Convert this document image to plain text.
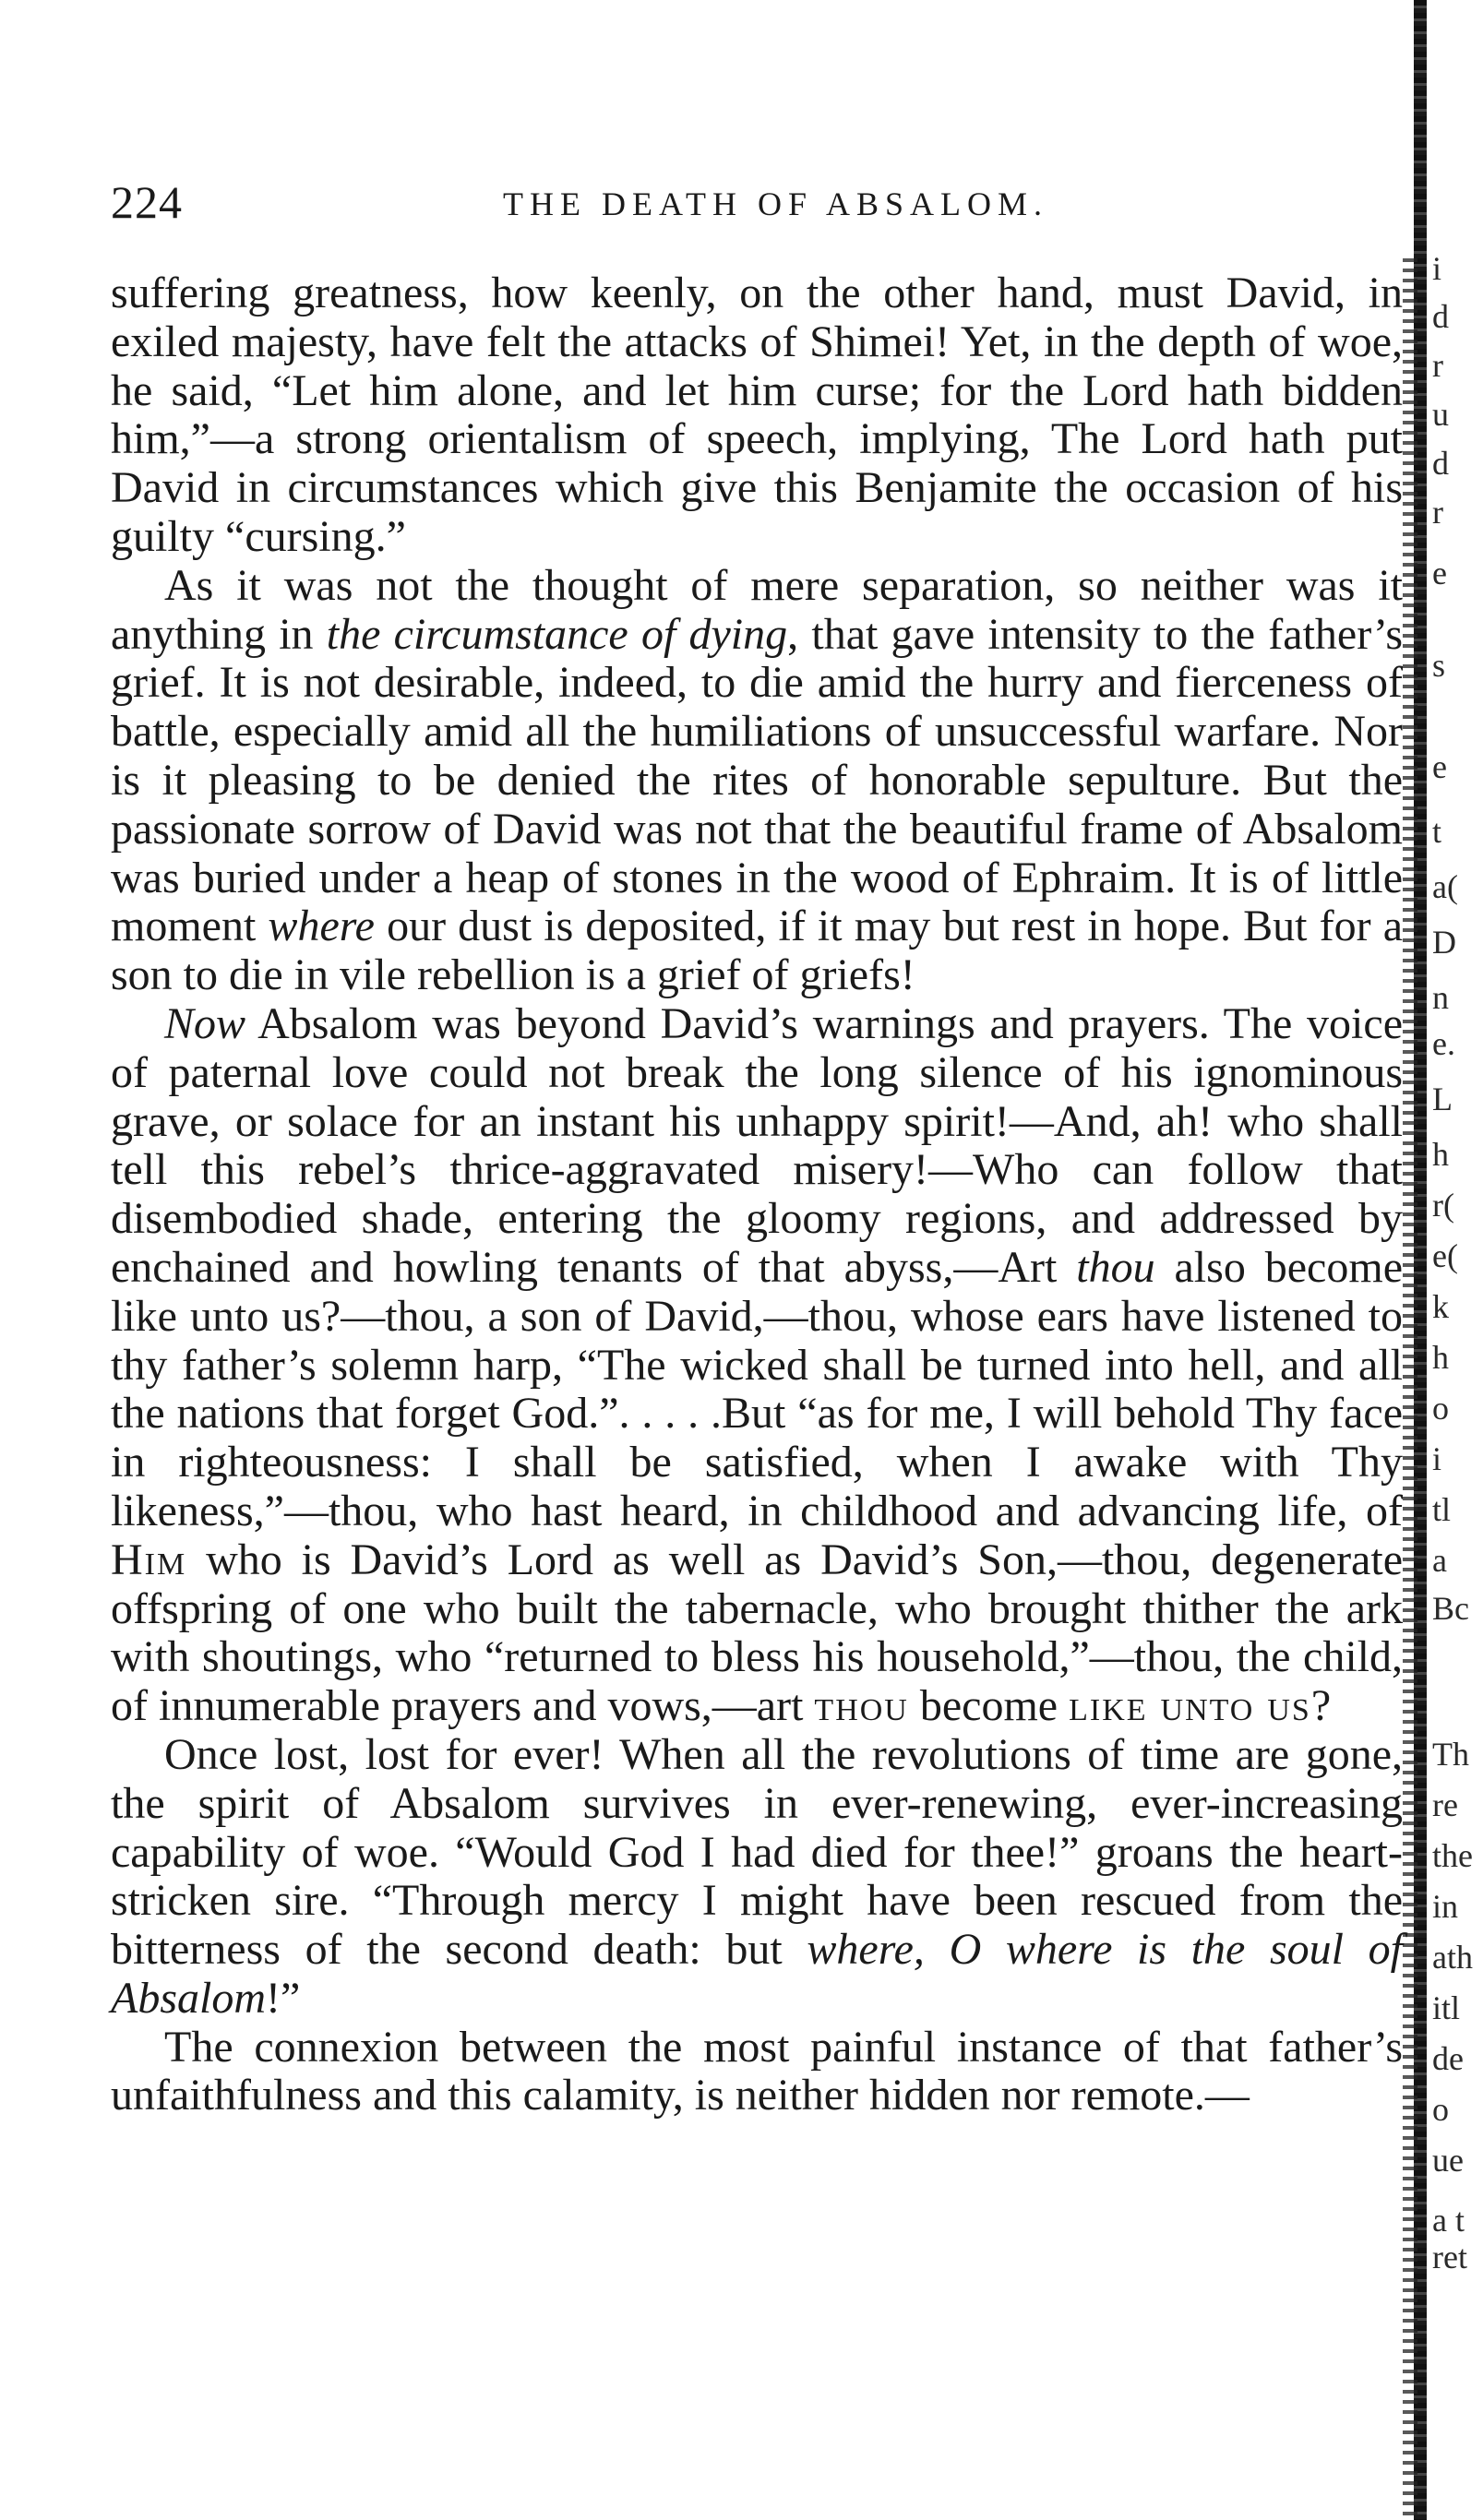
i
d
r
u
d
r
e
s
e
t
a(
D
n
e.
L
h
r(
e(
k
h
o
i
tl
a
Bc
Th
re
the
in
ath
itl
de
o
ue
a t
ret
224	THE DEATH OF ABSALOM.

suffering greatness, how keenly, on the other hand, must David, in exiled majesty, have felt the attacks of Shimei! Yet, in the depth of woe, he said, “Let him alone, and let him curse; for the Lord hath bidden him,”—a strong orientalism of speech, implying, The Lord hath put David in circumstances which give this Benjamite the occasion of his guilty “cursing.”

As it was not the thought of mere separation, so neither was it anything in the circumstance of dying, that gave intensity to the father’s grief. It is not desirable, indeed, to die amid the hurry and fierceness of battle, especially amid all the humiliations of unsuccessful warfare. Nor is it pleasing to be denied the rites of honorable sepulture. But the passionate sorrow of David was not that the beautiful frame of Absalom was buried under a heap of stones in the wood of Ephraim. It is of little moment where our dust is deposited, if it may but rest in hope. But for a son to die in vile rebellion is a grief of griefs!

Now Absalom was beyond David’s warnings and prayers. The voice of paternal love could not break the long silence of his ignominous grave, or solace for an instant his unhappy spirit!—And, ah! who shall tell this rebel’s thrice-aggravated misery!—Who can follow that disembodied shade, entering the gloomy regions, and addressed by enchained and howling tenants of that abyss,—Art thou also become like unto us?—thou, a son of David,—thou, whose ears have listened to thy father’s solemn harp, “The wicked shall be turned into hell, and all the nations that forget God.”. . . . .But “as for me, I will behold Thy face in righteousness: I shall be satisfied, when I awake with Thy likeness,”—thou, who hast heard, in childhood and advancing life, of Him who is David’s Lord as well as David’s Son,—thou, degenerate offspring of one who built the tabernacle, who brought thither the ark with shoutings, who “returned to bless his household,”—thou, the child, of innumerable prayers and vows,—art thou become like unto us?

Once lost, lost for ever! When all the revolutions of time are gone, the spirit of Absalom survives in ever-renewing, ever-increasing capability of woe. “Would God I had died for thee!” groans the heart-stricken sire. “Through mercy I might have been rescued from the bitterness of the second death: but where, O where is the soul of Absalom!”

The connexion between the most painful instance of that father’s unfaithfulness and this calamity, is neither hidden nor remote.—
